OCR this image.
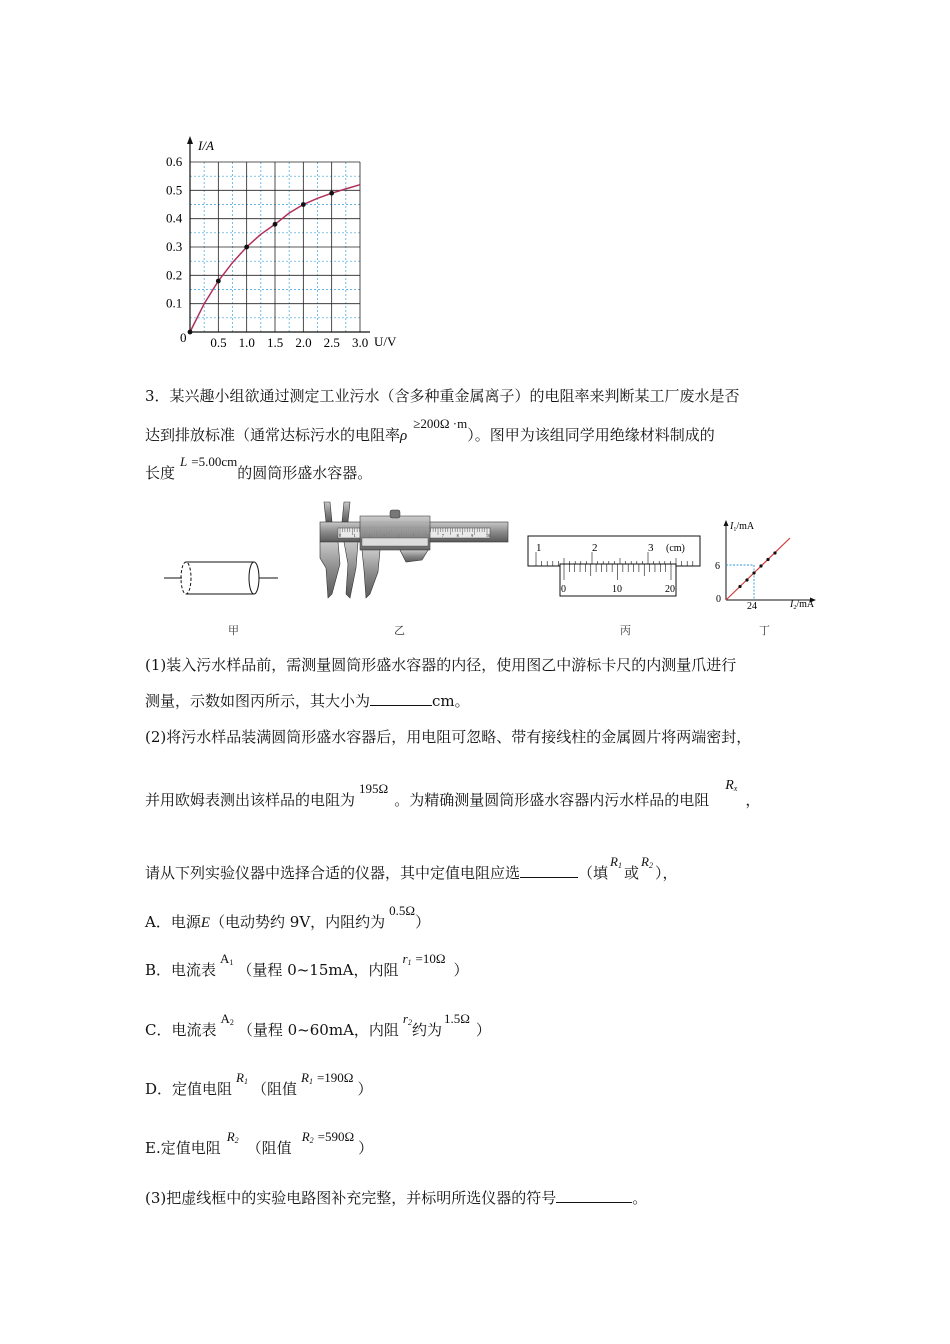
0.5 1.0 1.5 2.0 2.5 3.0
0.1
0.2
0.3
0.4
0.5
0.6
0
I/A
U/V
3．某兴趣小组欲通过测定工业污水（含多种重金属离子）的电阻率来判断某工厂废水是否
达到排放标准（通常达标污水的电阻率ρ≥200Ω ·m）。图甲为该组同学用绝缘材料制成的
长度L =5.00cm的圆筒形盛水容器。
甲
0	1	7	8	9	10
乙
1	2	3 (cm)
0	10	20
丙
$I_1/mA$
$I_2/mA$
6
24
0
丁
(1)装入污水样品前，需测量圆筒形盛水容器的内径，使用图乙中游标卡尺的内测量爪进行
测量，示数如图丙所示，其大小为	cm。
(2)将污水样品装满圆筒形盛水容器后，用电阻可忽略、带有接线柱的金属圆片将两端密封，
并用欧姆表测出该样品的电阻为195Ω。为精确测量圆筒形盛水容器内污水样品的电阻Rx，
请从下列实验仪器中选择合适的仪器，其中定值电阻应选	（填R1 或R2 ），
A．电源E（电动势约 9V，内阻约为0.5Ω）
B．电流表A1 （量程 0~15mA，内阻r1 =10Ω）
C．电流表A2 （量程 0~60mA，内阻r2约为1.5Ω）
D．定值电阻R1 （阻值R1 =190Ω）
E.定值电阻R2 （阻值R2 =590Ω）
(3)把虚线框中的实验电路图补充完整，并标明所选仪器的符号	。
